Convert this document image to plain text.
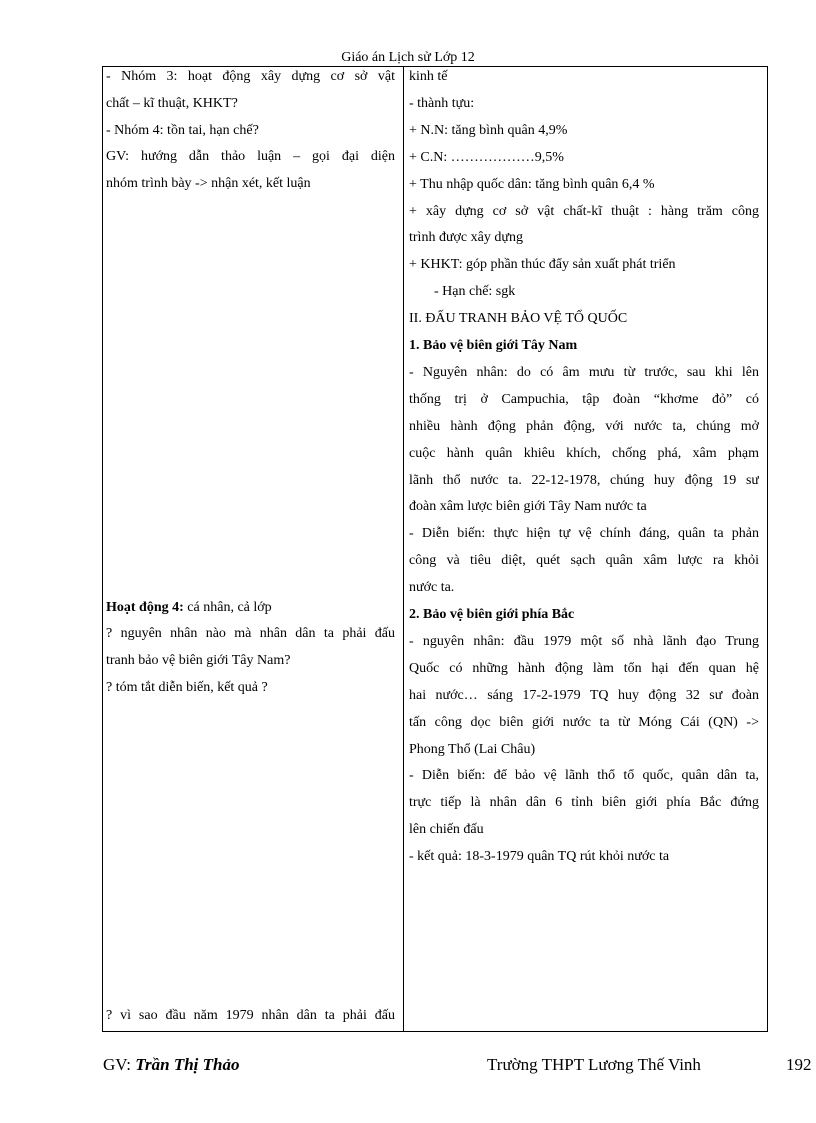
Giáo án Lịch sử Lớp 12
- Nhóm 3: hoạt động xây dựng cơ sở vật
chất – kĩ thuật, KHKT?
- Nhóm 4: tồn tai, hạn chế?
GV: hướng dẫn thảo luận – gọi đại diện
nhóm trình bày -> nhận xét, kết luận
Hoạt động 4: cá nhân, cả lớp
? nguyên nhân nào mà nhân dân ta phải đấu
tranh bảo vệ biên giới Tây Nam?
? tóm tắt diễn biến, kết quả ?
? vì sao đầu năm 1979 nhân dân ta phải đấu
kinh tế
- thành tựu:
+ N.N: tăng bình quân 4,9%
+ C.N: ………………9,5%
+ Thu nhập quốc dân: tăng bình quân 6,4 %
+ xây dựng cơ sở vật chất-kĩ thuật : hàng trăm công
trình được xây dựng
+ KHKT: góp phần thúc đẩy sản xuất phát triển
- Hạn chế: sgk
II. ĐẤU TRANH BẢO VỆ TỔ QUỐC
1. Bảo vệ biên giới Tây Nam
- Nguyên nhân: do có âm mưu từ trước, sau khi lên
thống trị ở Campuchia, tập đoàn “khơme đỏ” có
nhiều hành động phản động, với nước ta, chúng mở
cuộc hành quân khiêu khích, chống phá, xâm phạm
lãnh thổ nước ta. 22-12-1978, chúng huy động 19 sư
đoàn xâm lược biên giới Tây Nam nước ta
- Diễn biến: thực hiện tự vệ chính đáng, quân ta phản
công và tiêu diệt, quét sạch quân xâm lược ra khỏi
nước ta.
2. Bảo vệ biên giới phía Bắc
- nguyên nhân: đầu 1979 một số nhà lãnh đạo Trung
Quốc có những hành động làm tổn hại đến quan hệ
hai nước… sáng 17-2-1979 TQ huy động 32 sư đoàn
tấn công dọc biên giới nước ta từ Móng Cái (QN) ->
Phong Thổ (Lai Châu)
- Diễn biến: để bảo vệ lãnh thổ tổ quốc, quân dân ta,
trực tiếp là nhân dân 6 tỉnh biên giới phía Bắc đứng
lên chiến đấu
- kết quả: 18-3-1979 quân TQ rút khỏi nước ta
GV: Trần Thị Thảo	Trường THPT Lương Thế Vinh	192
